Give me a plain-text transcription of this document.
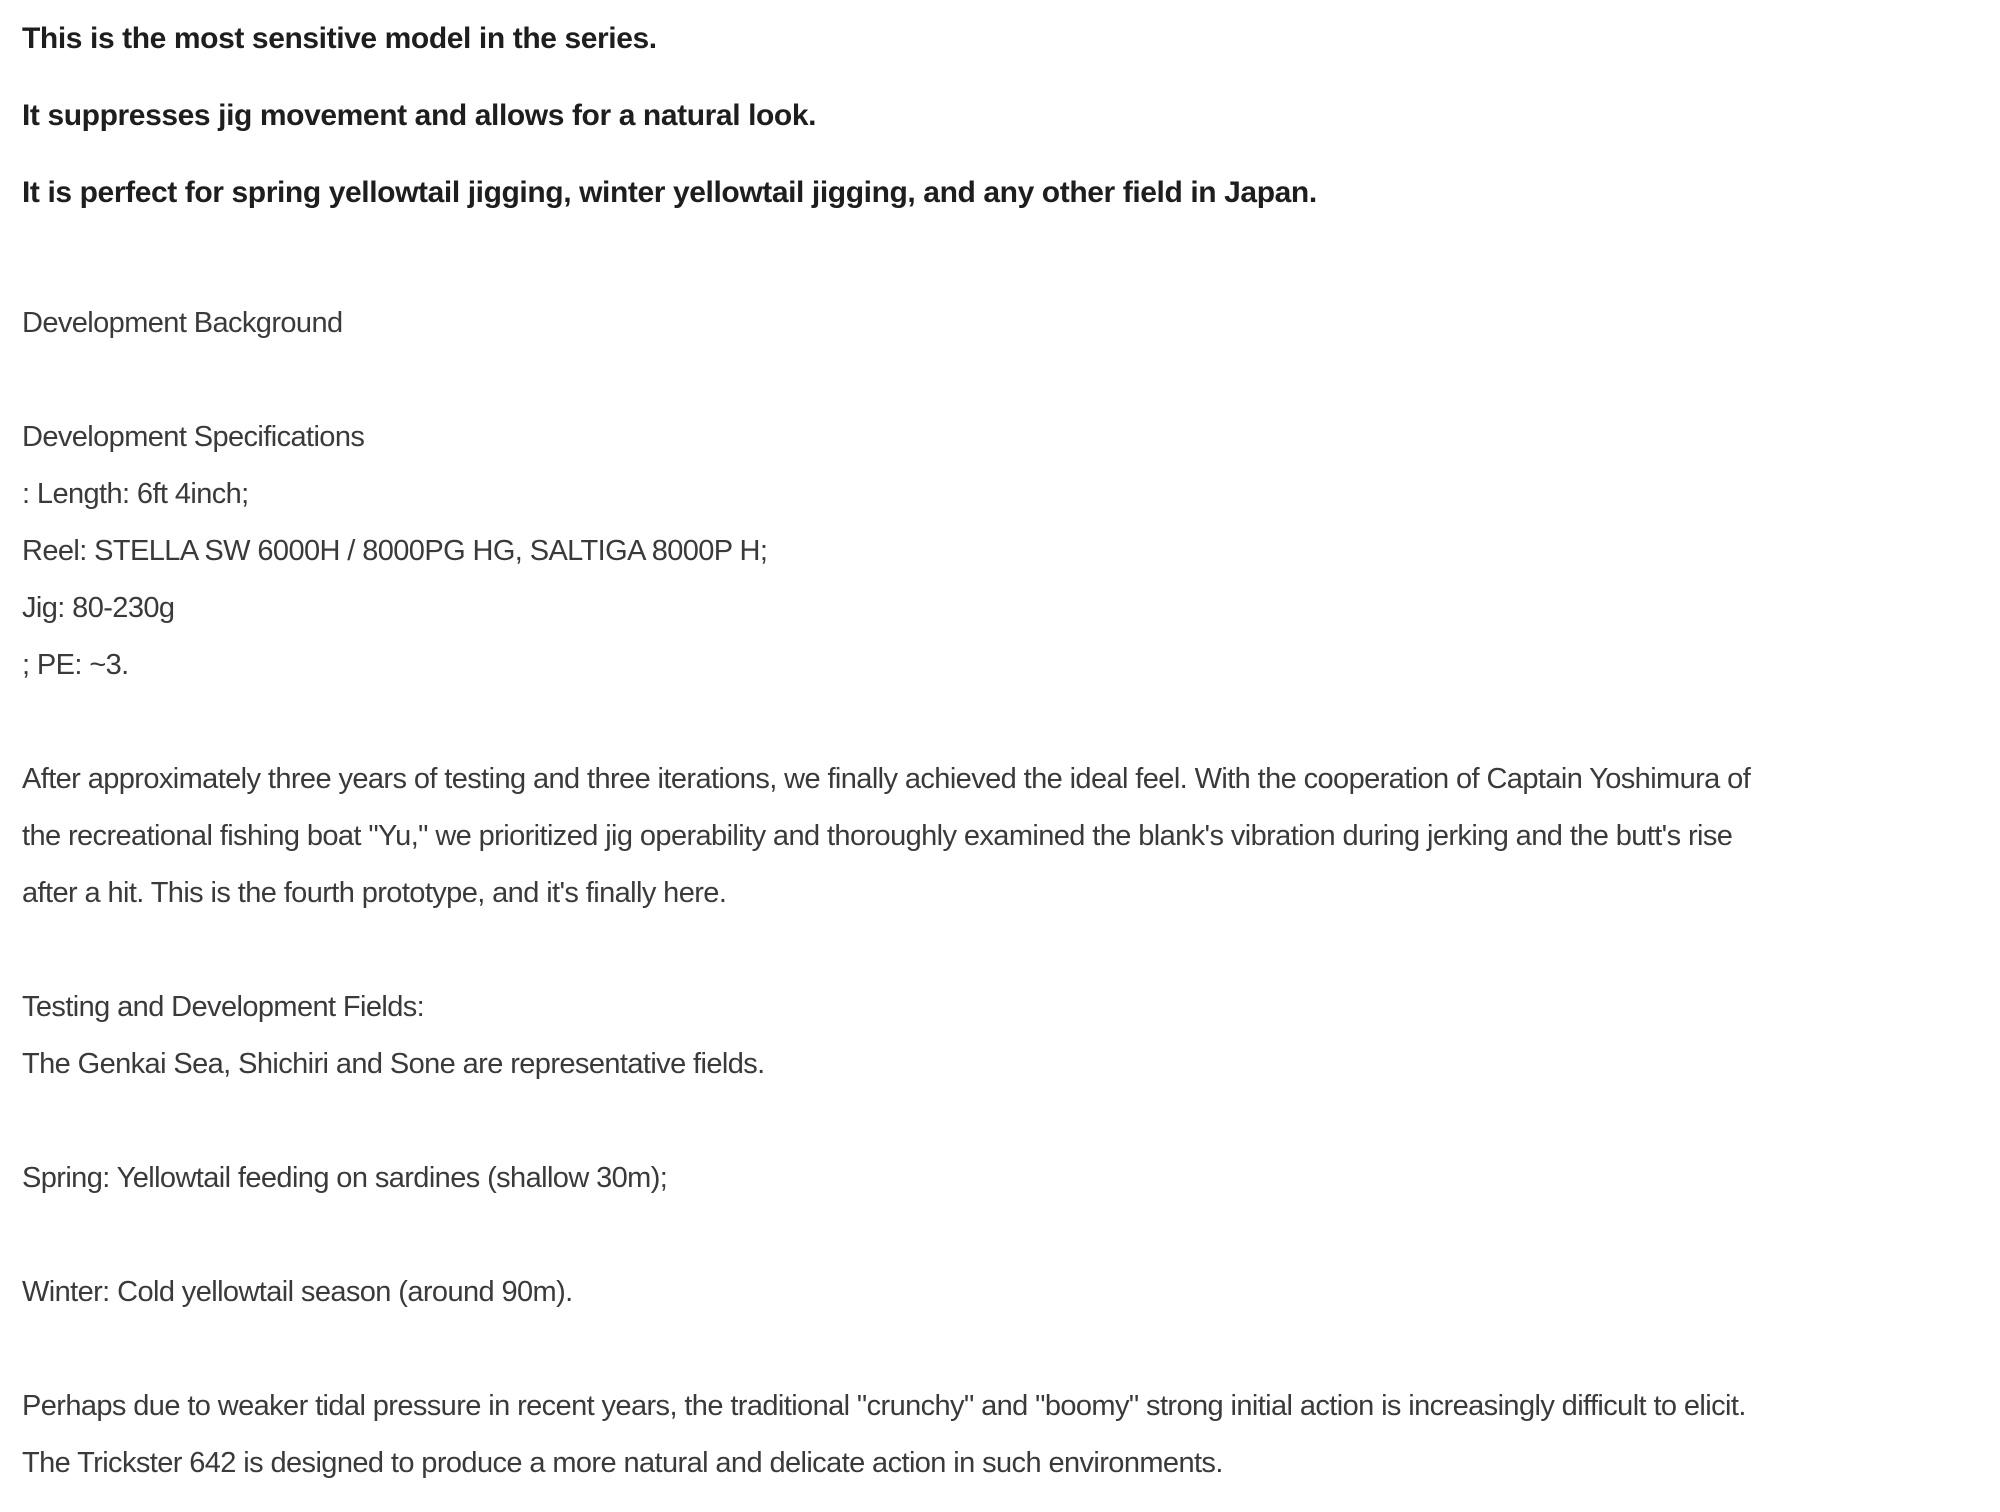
This is the most sensitive model in the series.

It suppresses jig movement and allows for a natural look.

It is perfect for spring yellowtail jigging, winter yellowtail jigging, and any other field in Japan.

Development Background

Development Specifications
: Length: 6ft 4inch;
Reel: STELLA SW 6000H / 8000PG HG, SALTIGA 8000P H;
Jig: 80-230g
; PE: ~3.

After approximately three years of testing and three iterations, we finally achieved the ideal feel. With the cooperation of Captain Yoshimura of
the recreational fishing boat "Yu," we prioritized jig operability and thoroughly examined the blank's vibration during jerking and the butt's rise
after a hit. This is the fourth prototype, and it's finally here.

Testing and Development Fields:
The Genkai Sea, Shichiri and Sone are representative fields.

Spring: Yellowtail feeding on sardines (shallow 30m);

Winter: Cold yellowtail season (around 90m).

Perhaps due to weaker tidal pressure in recent years, the traditional "crunchy" and "boomy" strong initial action is increasingly difficult to elicit.
The Trickster 642 is designed to produce a more natural and delicate action in such environments.
